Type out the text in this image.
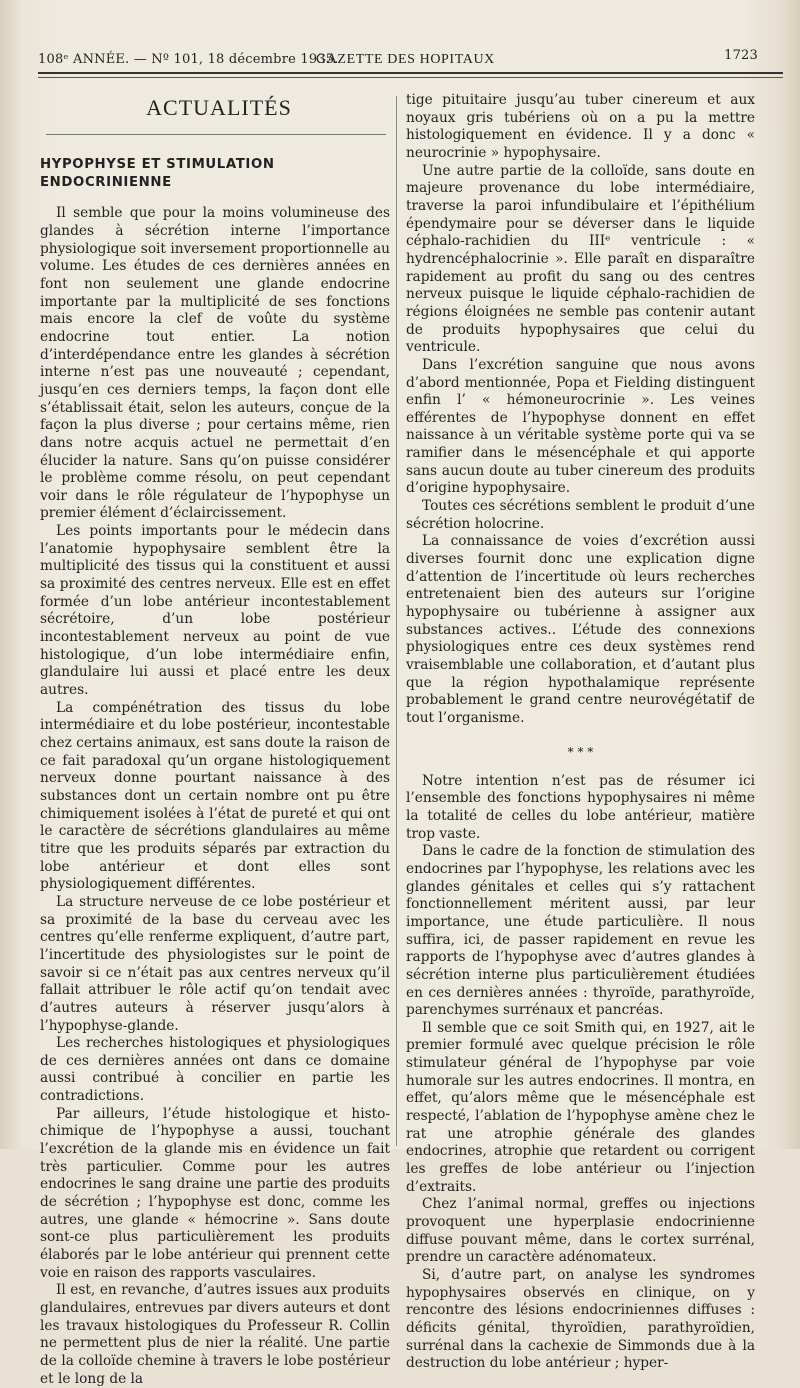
108ᵉ ANNÉE. — Nº 101, 18 décembre 1935.
GAZETTE DES HOPITAUX	1723
ACTUALITÉS
HYPOPHYSE ET STIMULATION ENDOCRINIENNE

Il semble que pour la moins volumineuse des glandes à sécrétion interne l’importance physiologique soit inversement proportionnelle au volume. Les études de ces dernières années en font non seulement une glande endocrine importante par la multiplicité de ses fonctions mais encore la clef de voûte du système endocrine tout entier. La notion d’interdépendance entre les glandes à sécrétion interne n’est pas une nouveauté ; cependant, jusqu’en ces derniers temps, la façon dont elle s’établissait était, selon les auteurs, conçue de la façon la plus diverse ; pour certains même, rien dans notre acquis actuel ne permettait d’en élucider la nature. Sans qu’on puisse considérer le problème comme résolu, on peut cependant voir dans le rôle régulateur de l’hypophyse un premier élément d’éclaircissement.

Les points importants pour le médecin dans l’anatomie hypophysaire semblent être la multiplicité des tissus qui la constituent et aussi sa proximité des centres nerveux. Elle est en effet formée d’un lobe antérieur incontestablement sécrétoire, d’un lobe postérieur incontestablement nerveux au point de vue histologique, d’un lobe intermédiaire enfin, glandulaire lui aussi et placé entre les deux autres.

La compénétration des tissus du lobe intermédiaire et du lobe postérieur, incontestable chez certains animaux, est sans doute la raison de ce fait paradoxal qu’un organe histologiquement nerveux donne pourtant naissance à des substances dont un certain nombre ont pu être chimiquement isolées à l’état de pureté et qui ont le caractère de sécrétions glandulaires au même titre que les produits séparés par extraction du lobe antérieur et dont elles sont physiologiquement différentes.

La structure nerveuse de ce lobe postérieur et sa proximité de la base du cerveau avec les centres qu’elle renferme expliquent, d’autre part, l’incertitude des physiologistes sur le point de savoir si ce n’était pas aux centres nerveux qu’il fallait attribuer le rôle actif qu’on tendait avec d’autres auteurs à réserver jusqu’alors à l’hypophyse-glande.

Les recherches histologiques et physiologiques de ces dernières années ont dans ce domaine aussi contribué à concilier en partie les contradictions.

Par ailleurs, l’étude histologique et histo-chimique de l’hypophyse a aussi, touchant l’excrétion de la glande mis en évidence un fait très particulier. Comme pour les autres endocrines le sang draine une partie des produits de sécrétion ; l’hypophyse est donc, comme les autres, une glande « hémocrine ». Sans doute sont-ce plus particulièrement les produits élaborés par le lobe antérieur qui prennent cette voie en raison des rapports vasculaires.

Il est, en revanche, d’autres issues aux produits glandulaires, entrevues par divers auteurs et dont les travaux histologiques du Professeur R. Collin ne permettent plus de nier la réalité. Une partie de la colloïde chemine à travers le lobe postérieur et le long de la

tige pituitaire jusqu’au tuber cinereum et aux noyaux gris tubériens où on a pu la mettre histologiquement en évidence. Il y a donc « neurocrinie » hypophysaire.

Une autre partie de la colloïde, sans doute en majeure provenance du lobe intermédiaire, traverse la paroi infundibulaire et l’épithélium épendymaire pour se déverser dans le liquide céphalo-rachidien du IIIᵉ ventricule : « hydrencéphalocrinie ». Elle paraît en disparaître rapidement au profit du sang ou des centres nerveux puisque le liquide céphalo-rachidien de régions éloignées ne semble pas contenir autant de produits hypophysaires que celui du ventricule.

Dans l’excrétion sanguine que nous avons d’abord mentionnée, Popa et Fielding distinguent enfin l’ « hémoneurocrinie ». Les veines efférentes de l’hypophyse donnent en effet naissance à un véritable système porte qui va se ramifier dans le mésencéphale et qui apporte sans aucun doute au tuber cinereum des produits d’origine hypophysaire.

Toutes ces sécrétions semblent le produit d’une sécrétion holocrine.

La connaissance de voies d’excrétion aussi diverses fournit donc une explication digne d’attention de l’incertitude où leurs recherches entretenaient bien des auteurs sur l’origine hypophysaire ou tubérienne à assigner aux substances actives.. L’étude des connexions physiologiques entre ces deux systèmes rend vraisemblable une collaboration, et d’autant plus que la région hypothalamique représente probablement le grand centre neurovégétatif de tout l’organisme.

* * *

Notre intention n’est pas de résumer ici l’ensemble des fonctions hypophysaires ni même la totalité de celles du lobe antérieur, matière trop vaste.

Dans le cadre de la fonction de stimulation des endocrines par l’hypophyse, les relations avec les glandes génitales et celles qui s’y rattachent fonctionnellement méritent aussi, par leur importance, une étude particulière. Il nous suffira, ici, de passer rapidement en revue les rapports de l’hypophyse avec d’autres glandes à sécrétion interne plus particulièrement étudiées en ces dernières années : thyroïde, parathyroïde, parenchymes surrénaux et pancréas.

Il semble que ce soit Smith qui, en 1927, ait le premier formulé avec quelque précision le rôle stimulateur général de l’hypophyse par voie humorale sur les autres endocrines. Il montra, en effet, qu’alors même que le mésencéphale est respecté, l’ablation de l’hypophyse amène chez le rat une atrophie générale des glandes endocrines, atrophie que retardent ou corrigent les greffes de lobe antérieur ou l’injection d’extraits.

Chez l’animal normal, greffes ou injections provoquent une hyperplasie endocrinienne diffuse pouvant même, dans le cortex surrénal, prendre un caractère adénomateux.

Si, d’autre part, on analyse les syndromes hypophysaires observés en clinique, on y rencontre des lésions endocriniennes diffuses : déficits génital, thyroïdien, parathyroïdien, surrénal dans la cachexie de Simmonds due à la destruction du lobe antérieur ; hyper-
